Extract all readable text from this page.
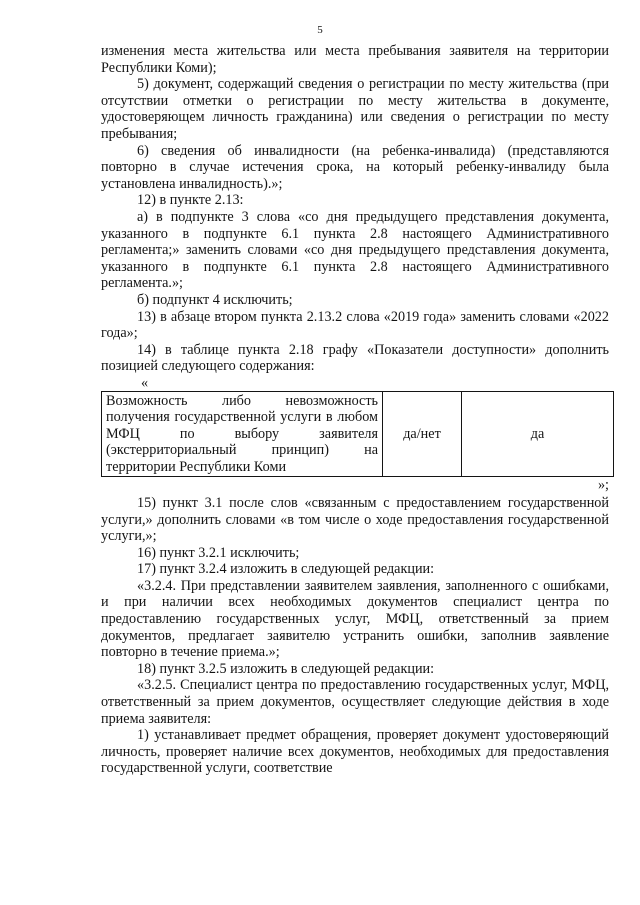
5

изменения места жительства или места пребывания заявителя на территории Республики Коми);

5) документ, содержащий сведения о регистрации по месту жительства (при отсутствии отметки о регистрации по месту жительства в документе, удостоверяющем личность гражданина) или сведения о регистрации по месту пребывания;

6) сведения об инвалидности (на ребенка-инвалида) (представляются повторно в случае истечения срока, на который ребенку-инвалиду была установлена инвалидность).»;

12) в пункте 2.13:

а) в подпункте 3 слова «со дня предыдущего представления документа, указанного в подпункте 6.1 пункта 2.8 настоящего Административного регламента;» заменить словами «со дня предыдущего представления документа, указанного в подпункте 6.1 пункта 2.8 настоящего Административного регламента.»;

б) подпункт 4 исключить;

13) в абзаце втором пункта 2.13.2 слова «2019 года» заменить словами «2022 года»;

14) в таблице пункта 2.18 графу «Показатели доступности» дополнить позицией следующего содержания:

«
Возможность либо невозможность получения государственной услуги в любом МФЦ по выбору заявителя (экстерриториальный принцип) на территории Республики Коми	да/нет	да
»;

15) пункт 3.1 после слов «связанным с предоставлением государственной услуги,» дополнить словами «в том числе о ходе предоставления государственной услуги,»;

16) пункт 3.2.1 исключить;

17) пункт 3.2.4 изложить в следующей редакции:

«3.2.4. При представлении заявителем заявления, заполненного с ошибками, и при наличии всех необходимых документов специалист центра по предоставлению государственных услуг, МФЦ, ответственный за прием документов, предлагает заявителю устранить ошибки, заполнив заявление повторно в течение приема.»;

18) пункт 3.2.5 изложить в следующей редакции:

«3.2.5. Специалист центра по предоставлению государственных услуг, МФЦ, ответственный за прием документов, осуществляет следующие действия в ходе приема заявителя:

1) устанавливает предмет обращения, проверяет документ удостоверяющий личность, проверяет наличие всех документов, необходимых для предоставления государственной услуги, соответствие
